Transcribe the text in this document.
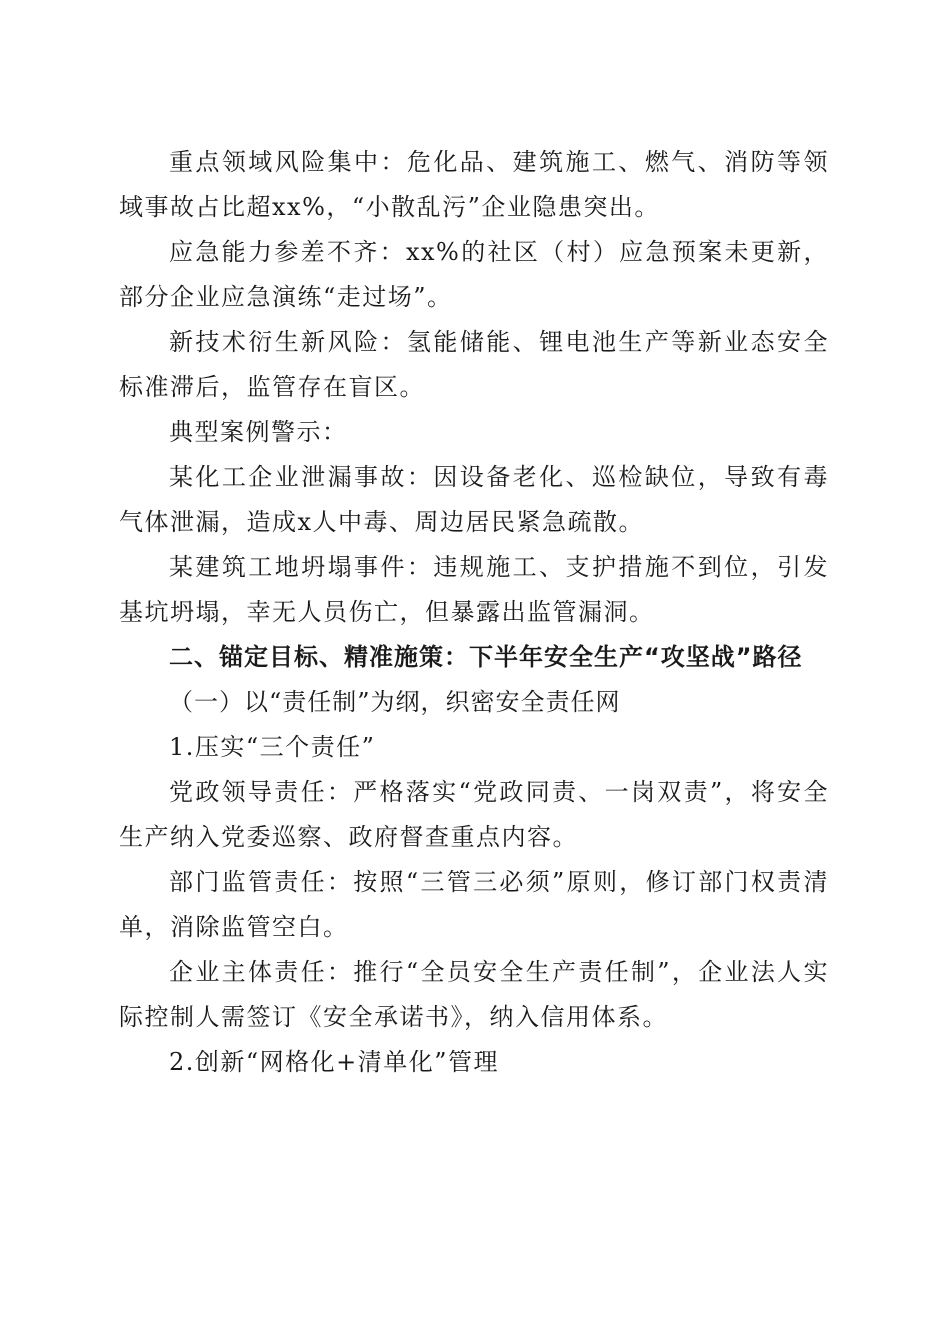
重点领域风险集中：危化品、建筑施工、燃气、消防等领域事故占比超xx%，“小散乱污”企业隐患突出。

应急能力参差不齐：xx%的社区（村）应急预案未更新，部分企业应急演练“走过场”。

新技术衍生新风险：氢能储能、锂电池生产等新业态安全标准滞后，监管存在盲区。

典型案例警示：

某化工企业泄漏事故：因设备老化、巡检缺位，导致有毒气体泄漏，造成x人中毒、周边居民紧急疏散。

某建筑工地坍塌事件：违规施工、支护措施不到位，引发基坑坍塌，幸无人员伤亡，但暴露出监管漏洞。

二、锚定目标、精准施策：下半年安全生产“攻坚战”路径

（一）以“责任制”为纲，织密安全责任网

1.压实“三个责任”

党政领导责任：严格落实“党政同责、一岗双责”，将安全生产纳入党委巡察、政府督查重点内容。

部门监管责任：按照“三管三必须”原则，修订部门权责清单，消除监管空白。

企业主体责任：推行“全员安全生产责任制”，企业法人实际控制人需签订《安全承诺书》，纳入信用体系。

2.创新“网格化+清单化”管理
